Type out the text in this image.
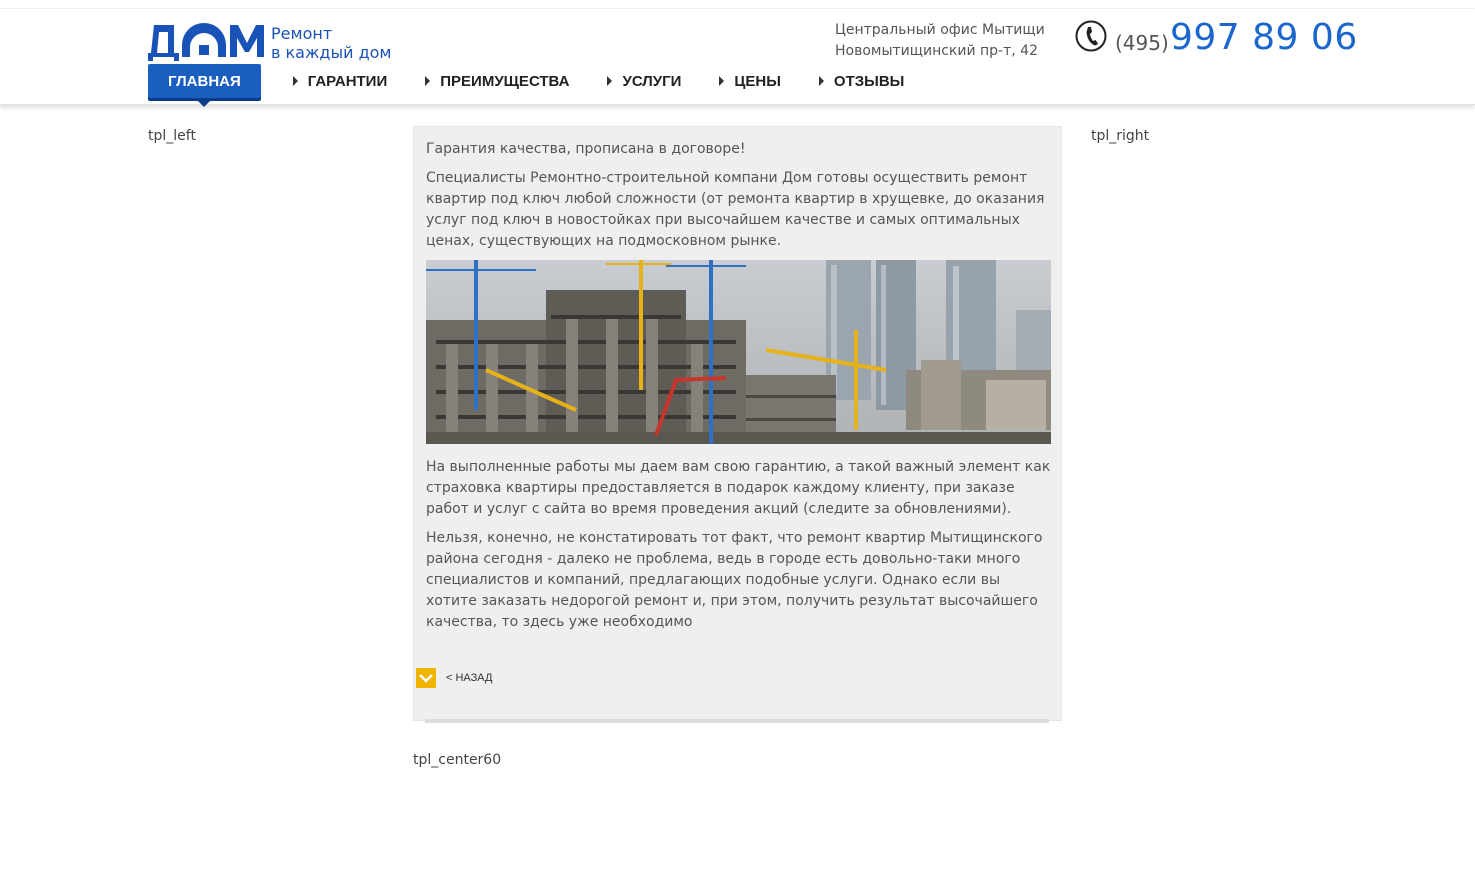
Ремонт
в каждый дом
Центральный офис Мытищи
Новомытищинский пр-т, 42	(495) 997 89 06
ГЛАВНАЯ	ГАРАНТИИ	ПРЕИМУЩЕСТВА	УСЛУГИ	ЦЕНЫ	ОТЗЫВЫ
tpl_left	tpl_right

Гарантия качества, прописана в договоре!

Специалисты Ремонтно-строительной компани Дом готовы осуществить ремонт квартир под ключ любой сложности (от ремонта квартир в хрущевке, до оказания услуг под ключ в новостойках при высочайшем качестве и самых оптимальных ценах, существующих на подмосковном рынке.

На выполненные работы мы даем вам свою гарантию, а такой важный элемент как страховка квартиры предоставляется в подарок каждому клиенту, при заказе работ и услуг с сайта во время проведения акций (следите за обновлениями).

Нельзя, конечно, не констатировать тот факт, что ремонт квартир Мытищинского района сегодня - далеко не проблема, ведь в городе есть довольно-таки много специалистов и компаний, предлагающих подобные услуги. Однако если вы хотите заказать недорогой ремонт и, при этом, получить результат высочайшего качества, то здесь уже необходимо

< НАЗАД
tpl_center60
